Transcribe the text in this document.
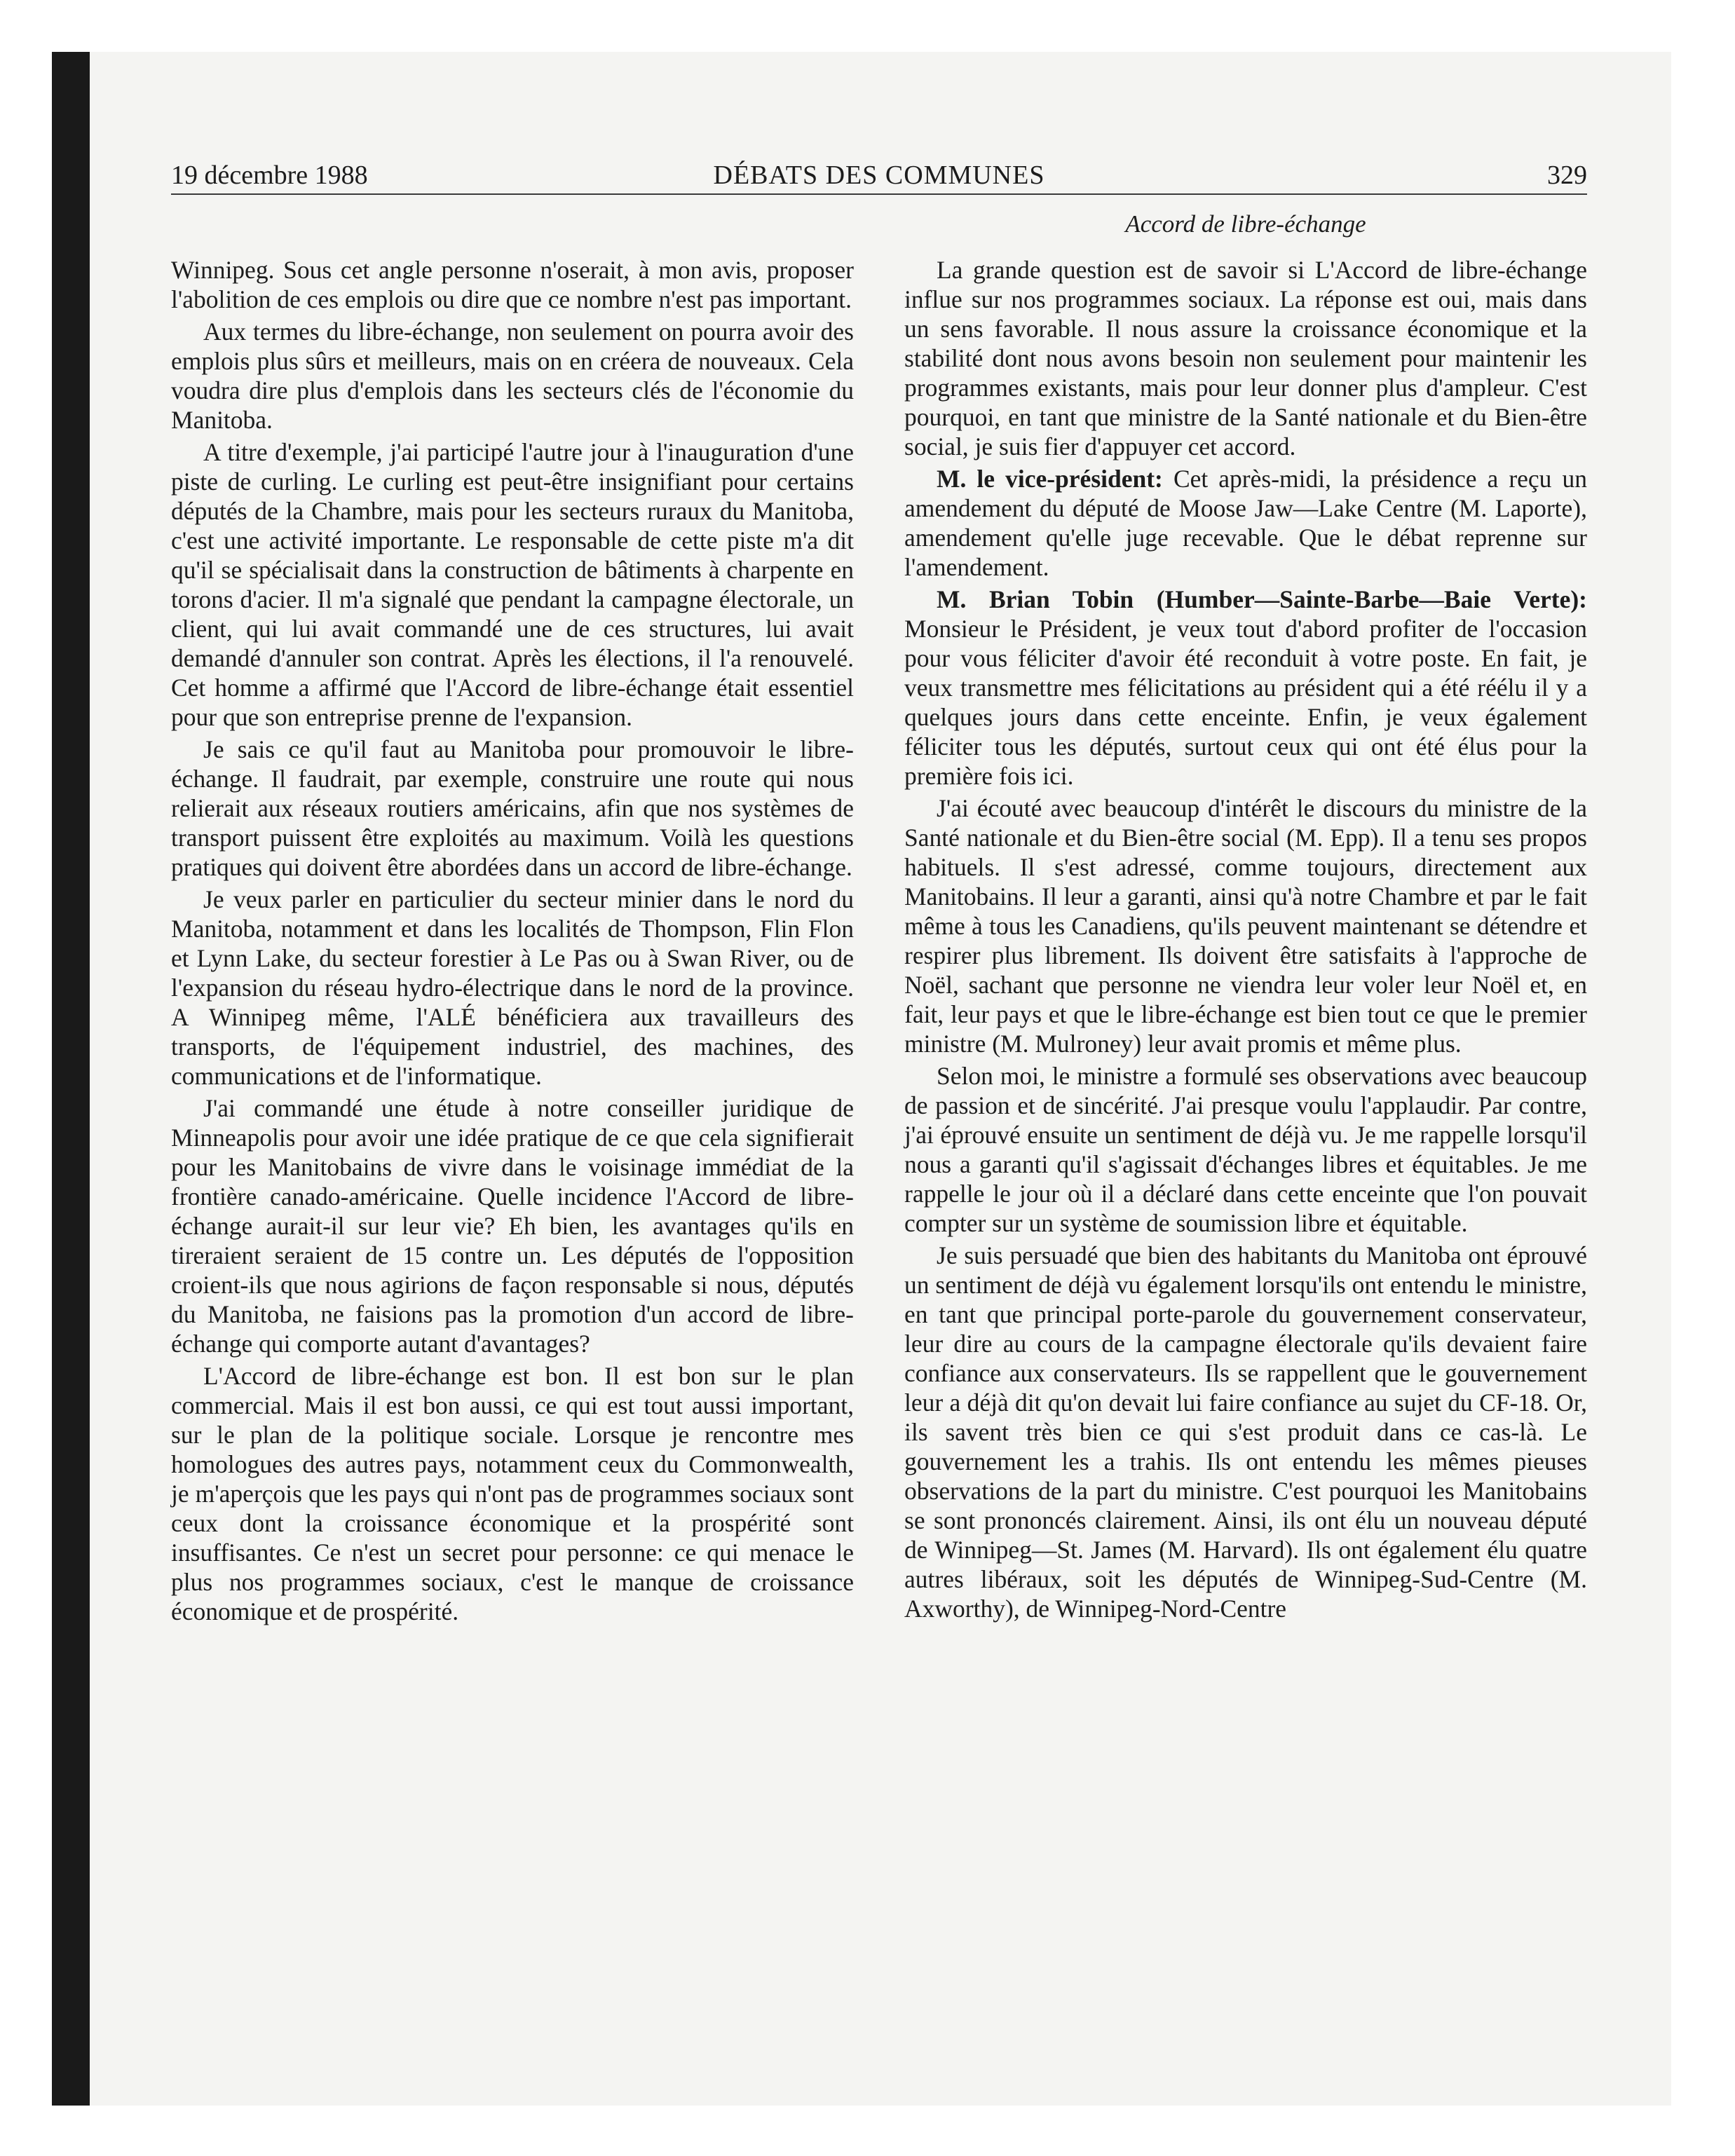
19 décembre 1988	DÉBATS DES COMMUNES	329
Accord de libre-échange

Winnipeg. Sous cet angle personne n'oserait, à mon avis, proposer l'abolition de ces emplois ou dire que ce nombre n'est pas important.

Aux termes du libre-échange, non seulement on pourra avoir des emplois plus sûrs et meilleurs, mais on en créera de nouveaux. Cela voudra dire plus d'emplois dans les secteurs clés de l'économie du Manitoba.

A titre d'exemple, j'ai participé l'autre jour à l'inauguration d'une piste de curling. Le curling est peut-être insignifiant pour certains députés de la Chambre, mais pour les secteurs ruraux du Manitoba, c'est une activité importante. Le responsable de cette piste m'a dit qu'il se spécialisait dans la construction de bâtiments à charpente en torons d'acier. Il m'a signalé que pendant la campagne électorale, un client, qui lui avait commandé une de ces structures, lui avait demandé d'annuler son contrat. Après les élections, il l'a renouvelé. Cet homme a affirmé que l'Accord de libre-échange était essentiel pour que son entreprise prenne de l'expansion.

Je sais ce qu'il faut au Manitoba pour promouvoir le libre-échange. Il faudrait, par exemple, construire une route qui nous relierait aux réseaux routiers américains, afin que nos systèmes de transport puissent être exploités au maximum. Voilà les questions pratiques qui doivent être abordées dans un accord de libre-échange.

Je veux parler en particulier du secteur minier dans le nord du Manitoba, notamment et dans les localités de Thompson, Flin Flon et Lynn Lake, du secteur forestier à Le Pas ou à Swan River, ou de l'expansion du réseau hydro-électrique dans le nord de la province. A Winnipeg même, l'ALÉ bénéficiera aux travailleurs des transports, de l'équipement industriel, des machines, des communications et de l'informatique.

J'ai commandé une étude à notre conseiller juridique de Minneapolis pour avoir une idée pratique de ce que cela signifierait pour les Manitobains de vivre dans le voisinage immédiat de la frontière canado-américaine. Quelle incidence l'Accord de libre-échange aurait-il sur leur vie? Eh bien, les avantages qu'ils en tireraient seraient de 15 contre un. Les députés de l'opposition croient-ils que nous agirions de façon responsable si nous, députés du Manitoba, ne faisions pas la promotion d'un accord de libre-échange qui comporte autant d'avantages?

L'Accord de libre-échange est bon. Il est bon sur le plan commercial. Mais il est bon aussi, ce qui est tout aussi important, sur le plan de la politique sociale. Lorsque je rencontre mes homologues des autres pays, notamment ceux du Commonwealth, je m'aperçois que les pays qui n'ont pas de programmes sociaux sont ceux dont la croissance économique et la prospérité sont insuffisantes. Ce n'est un secret pour personne: ce qui menace le plus nos programmes sociaux, c'est le manque de croissance économique et de prospérité.

La grande question est de savoir si L'Accord de libre-échange influe sur nos programmes sociaux. La réponse est oui, mais dans un sens favorable. Il nous assure la croissance économique et la stabilité dont nous avons besoin non seulement pour maintenir les programmes existants, mais pour leur donner plus d'ampleur. C'est pourquoi, en tant que ministre de la Santé nationale et du Bien-être social, je suis fier d'appuyer cet accord.

M. le vice-président: Cet après-midi, la présidence a reçu un amendement du député de Moose Jaw—Lake Centre (M. Laporte), amendement qu'elle juge recevable. Que le débat reprenne sur l'amendement.

M. Brian Tobin (Humber—Sainte-Barbe—Baie Verte): Monsieur le Président, je veux tout d'abord profiter de l'occasion pour vous féliciter d'avoir été reconduit à votre poste. En fait, je veux transmettre mes félicitations au président qui a été réélu il y a quelques jours dans cette enceinte. Enfin, je veux également féliciter tous les députés, surtout ceux qui ont été élus pour la première fois ici.

J'ai écouté avec beaucoup d'intérêt le discours du ministre de la Santé nationale et du Bien-être social (M. Epp). Il a tenu ses propos habituels. Il s'est adressé, comme toujours, directement aux Manitobains. Il leur a garanti, ainsi qu'à notre Chambre et par le fait même à tous les Canadiens, qu'ils peuvent maintenant se détendre et respirer plus librement. Ils doivent être satisfaits à l'approche de Noël, sachant que personne ne viendra leur voler leur Noël et, en fait, leur pays et que le libre-échange est bien tout ce que le premier ministre (M. Mulroney) leur avait promis et même plus.

Selon moi, le ministre a formulé ses observations avec beaucoup de passion et de sincérité. J'ai presque voulu l'applaudir. Par contre, j'ai éprouvé ensuite un sentiment de déjà vu. Je me rappelle lorsqu'il nous a garanti qu'il s'agissait d'échanges libres et équitables. Je me rappelle le jour où il a déclaré dans cette enceinte que l'on pouvait compter sur un système de soumission libre et équitable.

Je suis persuadé que bien des habitants du Manitoba ont éprouvé un sentiment de déjà vu également lorsqu'ils ont entendu le ministre, en tant que principal porte-parole du gouvernement conservateur, leur dire au cours de la campagne électorale qu'ils devaient faire confiance aux conservateurs. Ils se rappellent que le gouvernement leur a déjà dit qu'on devait lui faire confiance au sujet du CF-18. Or, ils savent très bien ce qui s'est produit dans ce cas-là. Le gouvernement les a trahis. Ils ont entendu les mêmes pieuses observations de la part du ministre. C'est pourquoi les Manitobains se sont prononcés clairement. Ainsi, ils ont élu un nouveau député de Winnipeg—St. James (M. Harvard). Ils ont également élu quatre autres libéraux, soit les députés de Winnipeg-Sud-Centre (M. Axworthy), de Winnipeg-Nord-Centre
